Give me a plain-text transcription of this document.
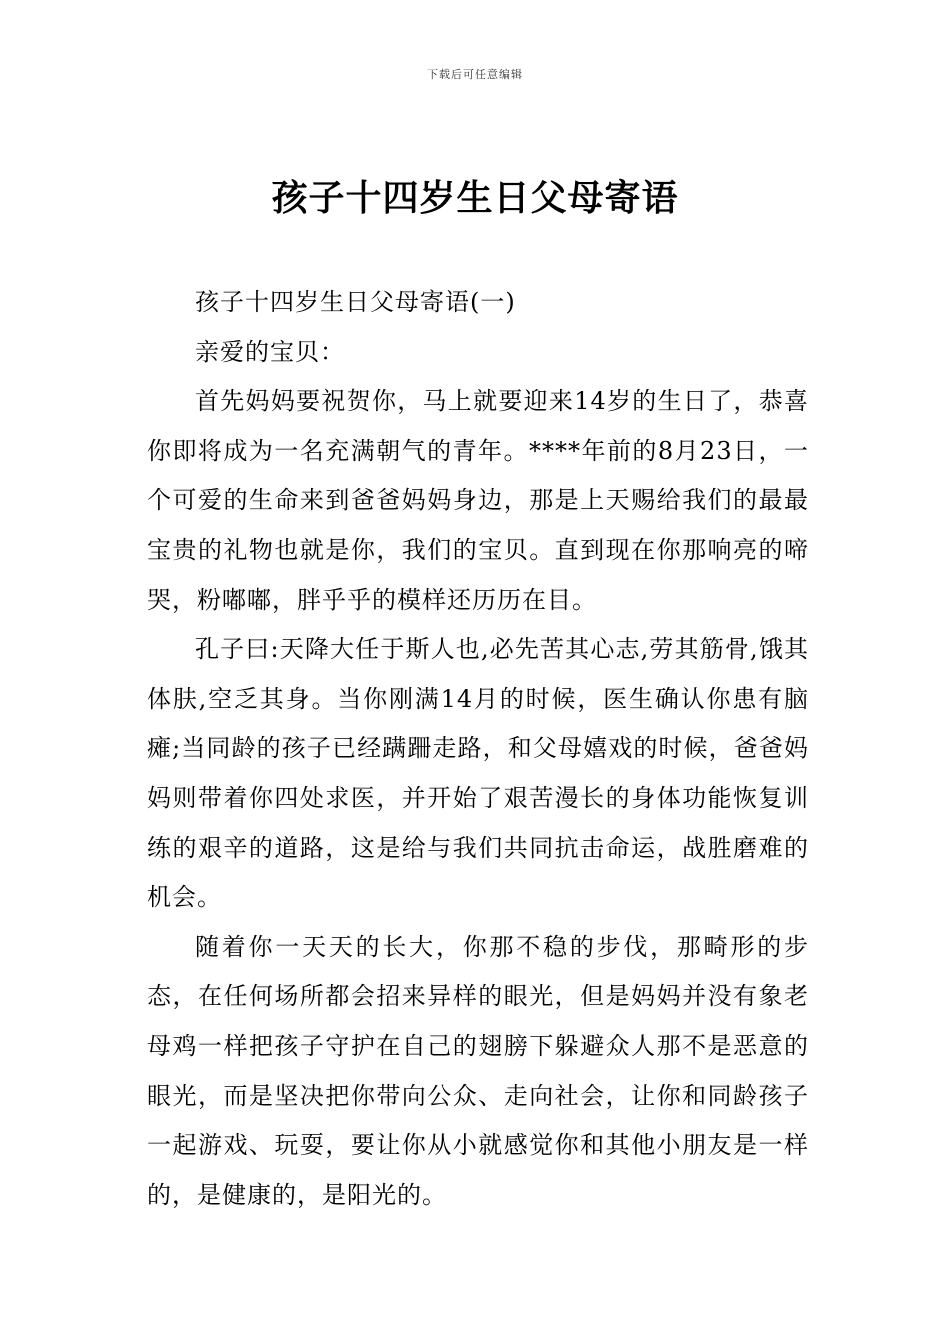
下载后可任意编辑
孩子十四岁生日父母寄语

孩子十四岁生日父母寄语(一)

亲爱的宝贝：

首先妈妈要祝贺你，马上就要迎来14岁的生日了，恭喜你即将成为一名充满朝气的青年。****年前的8月23日，一个可爱的生命来到爸爸妈妈身边，那是上天赐给我们的最最宝贵的礼物也就是你，我们的宝贝。直到现在你那响亮的啼哭，粉嘟嘟，胖乎乎的模样还历历在目。

孔子曰:天降大任于斯人也,必先苦其心志,劳其筋骨,饿其体肤,空乏其身。当你刚满14月的时候，医生确认你患有脑瘫;当同龄的孩子已经蹒跚走路，和父母嬉戏的时候，爸爸妈妈则带着你四处求医，并开始了艰苦漫长的身体功能恢复训练的艰辛的道路，这是给与我们共同抗击命运，战胜磨难的机会。

随着你一天天的长大，你那不稳的步伐，那畸形的步态，在任何场所都会招来异样的眼光，但是妈妈并没有象老母鸡一样把孩子守护在自己的翅膀下躲避众人那不是恶意的眼光，而是坚决把你带向公众、走向社会，让你和同龄孩子一起游戏、玩耍，要让你从小就感觉你和其他小朋友是一样的，是健康的，是阳光的。
